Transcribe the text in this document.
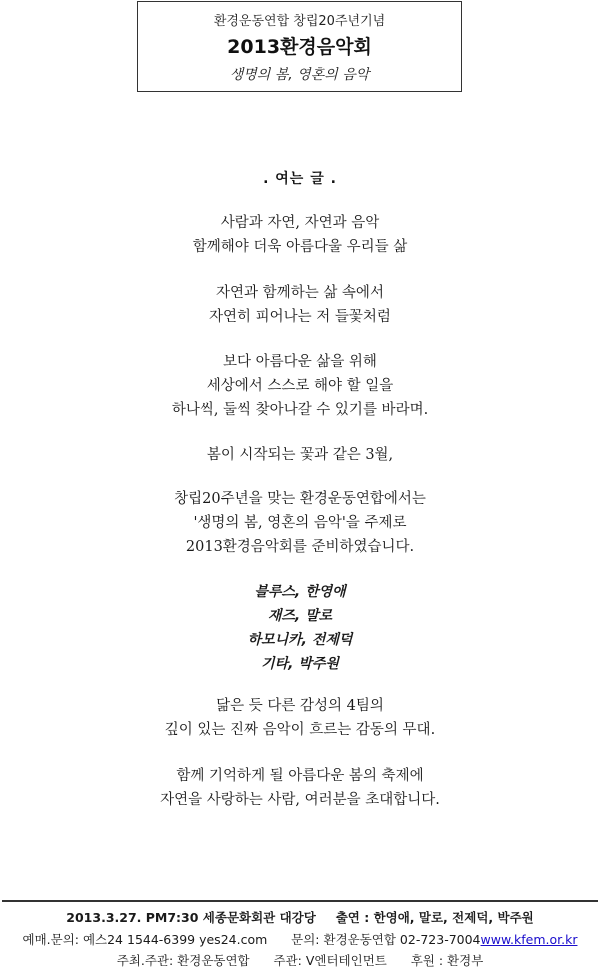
환경운동연합 창립20주년기념
2013환경음악회
생명의 봄, 영혼의 음악
. 여는 글 .
사람과 자연, 자연과 음악
함께해야 더욱 아름다울 우리들 삶
자연과 함께하는 삶 속에서
자연히 피어나는 저 들꽃처럼
보다 아름다운 삶을 위해
세상에서 스스로 해야 할 일을
하나씩, 둘씩 찾아나갈 수 있기를 바라며.
봄이 시작되는 꽃과 같은 3월,
창립20주년을 맞는 환경운동연합에서는
'생명의 봄, 영혼의 음악'을 주제로
2013환경음악회를 준비하였습니다.
블루스, 한영애
재즈, 말로
하모니카, 전제덕
기타, 박주원
닮은 듯 다른 감성의 4팀의
깊이 있는 진짜 음악이 흐르는 감동의 무대.
함께 기억하게 될 아름다운 봄의 축제에
자연을 사랑하는 사람, 여러분을 초대합니다.
2013.3.27. PM7:30 세종문화회관 대강당 출연 : 한영애, 말로, 전제덕, 박주원
예매.문의: 예스24 1544-6399 yes24.com 문의: 환경운동연합 02-723-7004www.kfem.or.kr
주최.주관: 환경운동연합 주관: V엔터테인먼트 후원 : 환경부
